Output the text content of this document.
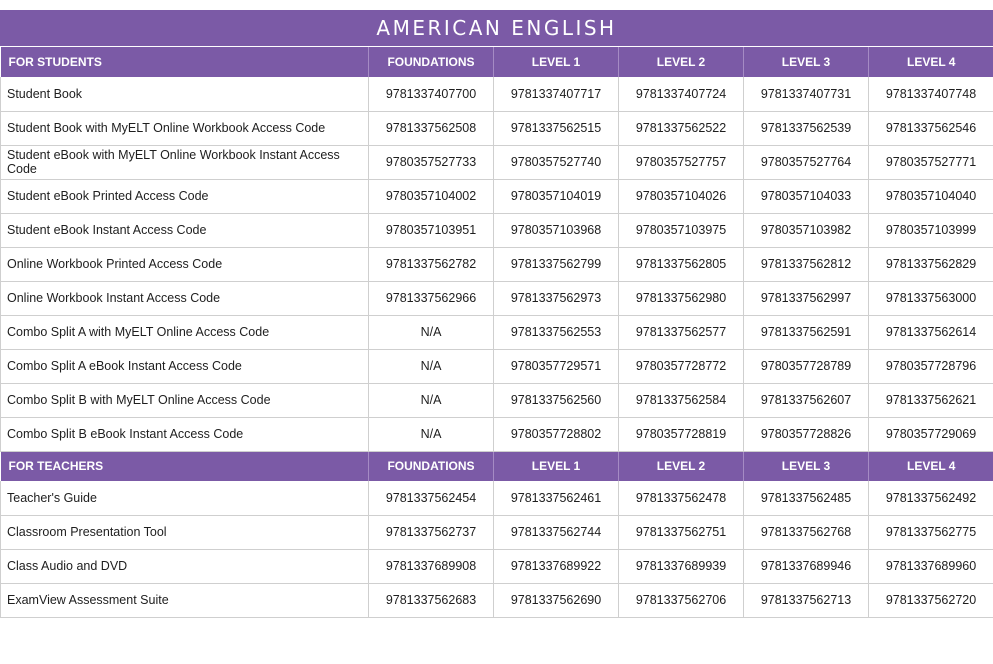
AMERICAN ENGLISH
FOR STUDENTS	FOUNDATIONS	LEVEL 1	LEVEL 2	LEVEL 3	LEVEL 4
Student Book	9781337407700	9781337407717	9781337407724	9781337407731	9781337407748
Student Book with MyELT Online Workbook Access Code	9781337562508	9781337562515	9781337562522	9781337562539	9781337562546
Student eBook with MyELT Online Workbook Instant Access Code	9780357527733	9780357527740	9780357527757	9780357527764	9780357527771
Student eBook Printed Access Code	9780357104002	9780357104019	9780357104026	9780357104033	9780357104040
Student eBook Instant Access Code	9780357103951	9780357103968	9780357103975	9780357103982	9780357103999
Online Workbook Printed Access Code	9781337562782	9781337562799	9781337562805	9781337562812	9781337562829
Online Workbook Instant Access Code	9781337562966	9781337562973	9781337562980	9781337562997	9781337563000
Combo Split A with MyELT Online Access Code	N/A	9781337562553	9781337562577	9781337562591	9781337562614
Combo Split A eBook Instant Access Code	N/A	9780357729571	9780357728772	9780357728789	9780357728796
Combo Split B with MyELT Online Access Code	N/A	9781337562560	9781337562584	9781337562607	9781337562621
Combo Split B eBook Instant Access Code	N/A	9780357728802	9780357728819	9780357728826	9780357729069
FOR TEACHERS	FOUNDATIONS	LEVEL 1	LEVEL 2	LEVEL 3	LEVEL 4
Teacher's Guide	9781337562454	9781337562461	9781337562478	9781337562485	9781337562492
Classroom Presentation Tool	9781337562737	9781337562744	9781337562751	9781337562768	9781337562775
Class Audio and DVD	9781337689908	9781337689922	9781337689939	9781337689946	9781337689960
ExamView Assessment Suite	9781337562683	9781337562690	9781337562706	9781337562713	9781337562720
